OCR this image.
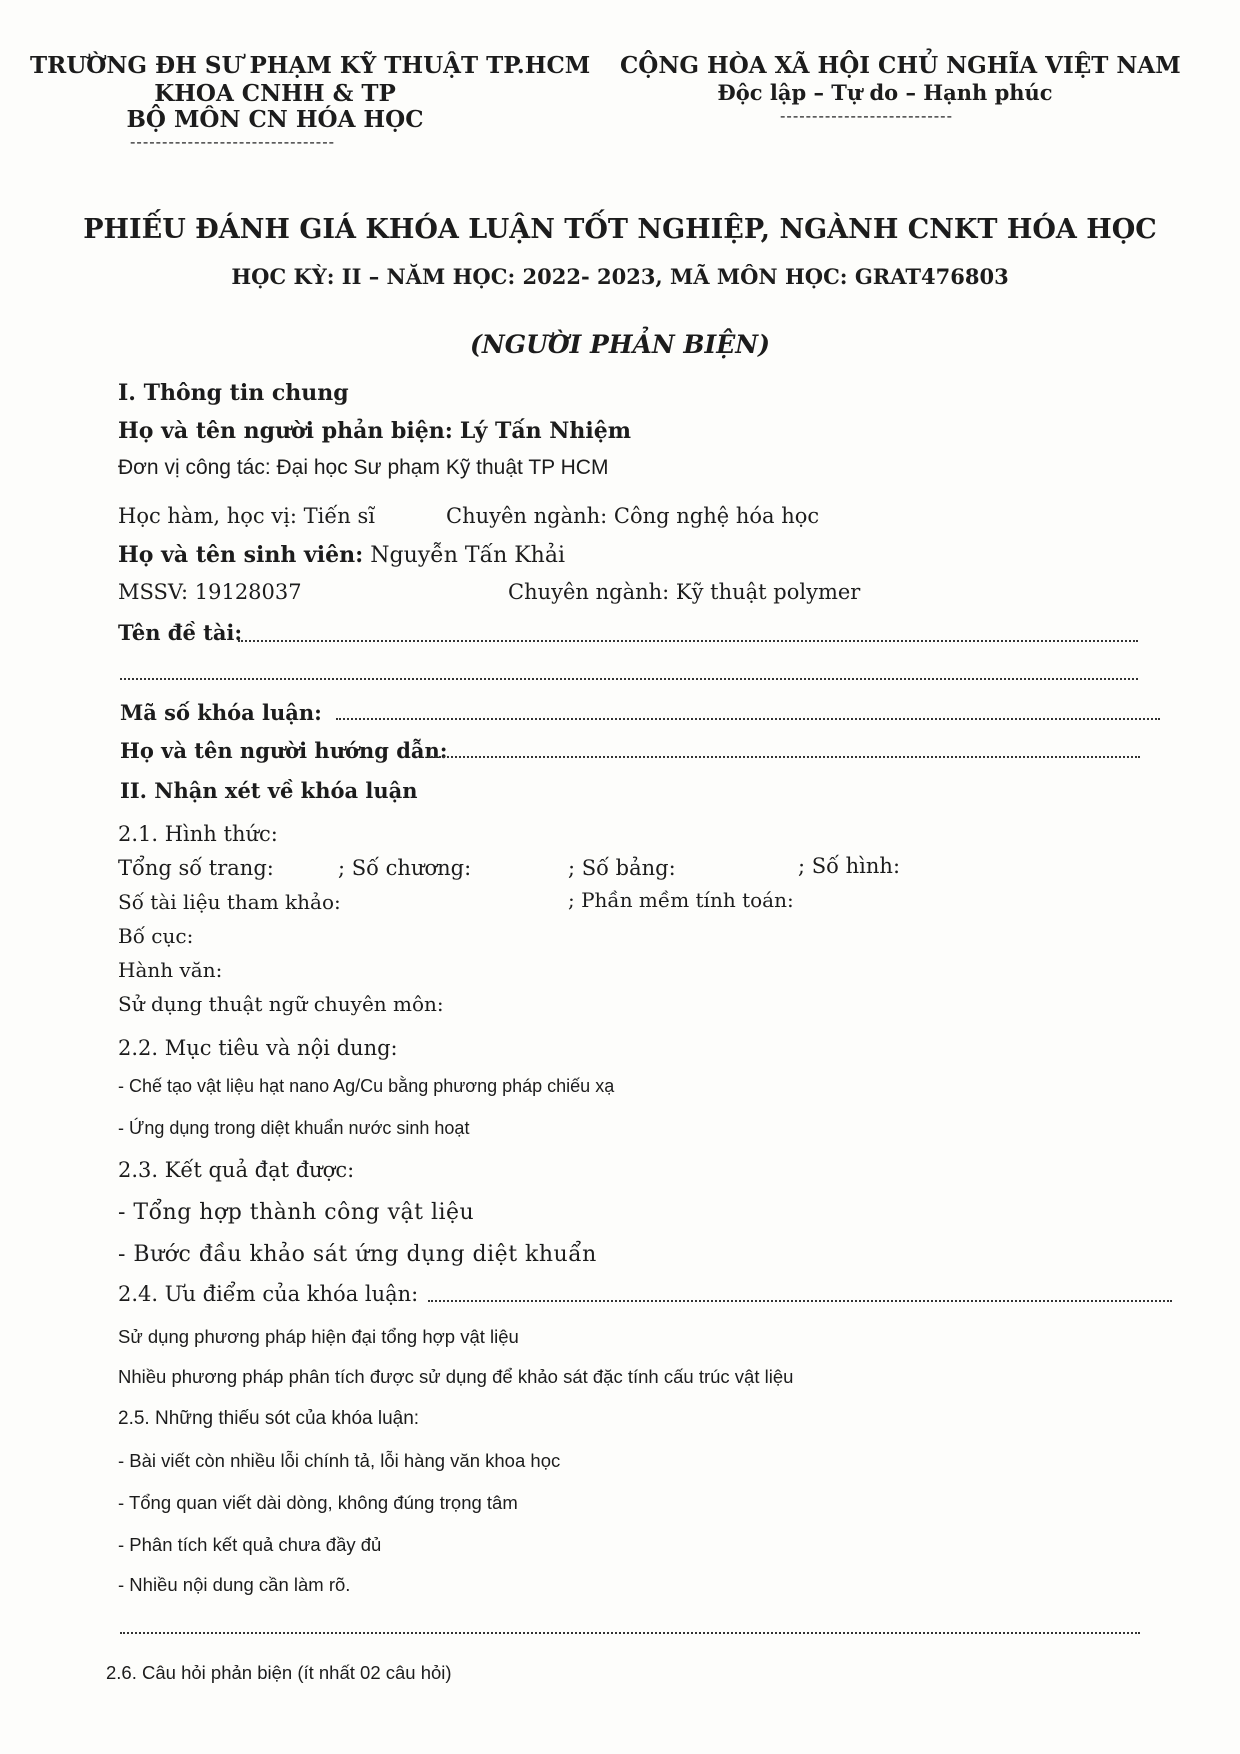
TRƯỜNG ĐH SƯ PHẠM KỸ THUẬT TP.HCM
KHOA CNHH & TP
BỘ MÔN CN HÓA HỌC
--------------------------------
CỘNG HÒA XÃ HỘI CHỦ NGHĨA VIỆT NAM
Độc lập – Tự do – Hạnh phúc
---------------------------
PHIẾU ĐÁNH GIÁ KHÓA LUẬN TỐT NGHIỆP, NGÀNH CNKT HÓA HỌC
HỌC KỲ: II – NĂM HỌC: 2022- 2023, MÃ MÔN HỌC: GRAT476803
(NGƯỜI PHẢN BIỆN)
I. Thông tin chung
Họ và tên người phản biện:
Lý Tấn Nhiệm
Đơn vị công tác:
Đại học Sư phạm Kỹ thuật TP HCM
Học hàm, học vị:
Tiến sĩ	Chuyên ngành:
Công nghệ hóa học
Họ và tên sinh viên:
Nguyễn Tấn Khải
MSSV:
19128037	Chuyên ngành:
Kỹ thuật polymer
Tên đề tài:
Mã số khóa luận:
Họ và tên người hướng dẫn:
II. Nhận xét về khóa luận
2.1. Hình thức:
Tổng số trang:	; Số chương:	; Số bảng:	; Số hình:
Số tài liệu tham khảo:	; Phần mềm tính toán:
Bố cục:
Hành văn:
Sử dụng thuật ngữ chuyên môn:
2.2. Mục tiêu và nội dung:
- Chế tạo vật liệu hạt nano Ag/Cu bằng phương pháp chiếu xạ
- Ứng dụng trong diệt khuẩn nước sinh hoạt
2.3. Kết quả đạt được:
- Tổng hợp thành công vật liệu
- Bước đầu khảo sát ứng dụng diệt khuẩn
2.4. Ưu điểm của khóa luận:
Sử dụng phương pháp hiện đại tổng hợp vật liệu
Nhiều phương pháp phân tích được sử dụng để khảo sát đặc tính cấu trúc vật liệu
2.5. Những thiếu sót của khóa luận:
- Bài viết còn nhiều lỗi chính tả, lỗi hàng văn khoa học
- Tổng quan viết dài dòng, không đúng trọng tâm
- Phân tích kết quả chưa đầy đủ
- Nhiều nội dung cần làm rõ.
2.6. Câu hỏi phản biện (ít nhất 02 câu hỏi)
